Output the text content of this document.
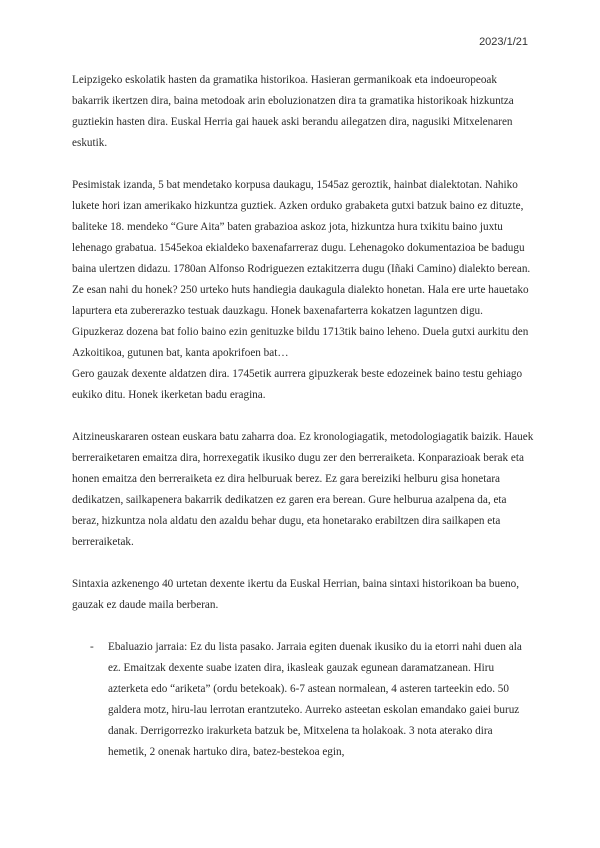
2023/1/21

Leipzigeko eskolatik hasten da gramatika historikoa. Hasieran germanikoak eta indoeuropeoak bakarrik ikertzen dira, baina metodoak arin eboluzionatzen dira ta gramatika historikoak hizkuntza guztiekin hasten dira. Euskal Herria gai hauek aski berandu ailegatzen dira, nagusiki Mitxelenaren eskutik.

Pesimistak izanda, 5 bat mendetako korpusa daukagu, 1545az geroztik, hainbat dialektotan. Nahiko lukete hori izan amerikako hizkuntza guztiek. Azken orduko grabaketa gutxi batzuk baino ez dituzte, baliteke 18. mendeko “Gure Aita” baten grabazioa askoz jota, hizkuntza hura txikitu baino juxtu lehenago grabatua. 1545ekoa ekialdeko baxenafarreraz dugu. Lehenagoko dokumentazioa be badugu baina ulertzen didazu. 1780an Alfonso Rodriguezen eztakitzerra dugu (Iñaki Camino) dialekto berean. Ze esan nahi du honek? 250 urteko huts handiegia daukagula dialekto honetan. Hala ere urte hauetako lapurtera eta zubererazko testuak dauzkagu. Honek baxenafarterra kokatzen laguntzen digu. Gipuzkeraz dozena bat folio baino ezin genituzke bildu 1713tik baino leheno. Duela gutxi aurkitu den Azkoitikoa, gutunen bat, kanta apokrifoen bat…

Gero gauzak dexente aldatzen dira. 1745etik aurrera gipuzkerak beste edozeinek baino testu gehiago eukiko ditu. Honek ikerketan badu eragina.

Aitzineuskararen ostean euskara batu zaharra doa. Ez kronologiagatik, metodologiagatik baizik. Hauek berreraiketaren emaitza dira, horrexegatik ikusiko dugu zer den berreraiketa. Konparazioak berak eta honen emaitza den berreraiketa ez dira helburuak berez. Ez gara bereiziki helburu gisa honetara dedikatzen, sailkapenera bakarrik dedikatzen ez garen era berean. Gure helburua azalpena da, eta beraz, hizkuntza nola aldatu den azaldu behar dugu, eta honetarako erabiltzen dira sailkapen eta berreraiketak.

Sintaxia azkenengo 40 urtetan dexente ikertu da Euskal Herrian, baina sintaxi historikoan ba bueno, gauzak ez daude maila berberan.

- Ebaluazio jarraia: Ez du lista pasako. Jarraia egiten duenak ikusiko du ia etorri nahi duen ala ez. Emaitzak dexente suabe izaten dira, ikasleak gauzak egunean daramatzanean. Hiru azterketa edo “ariketa” (ordu betekoak). 6-7 astean normalean, 4 asteren tarteekin edo. 50 galdera motz, hiru-lau lerrotan erantzuteko. Aurreko asteetan eskolan emandako gaiei buruz danak. Derrigorrezko irakurketa batzuk be, Mitxelena ta holakoak. 3 nota aterako dira hemetik, 2 onenak hartuko dira, batez-bestekoa egin,
